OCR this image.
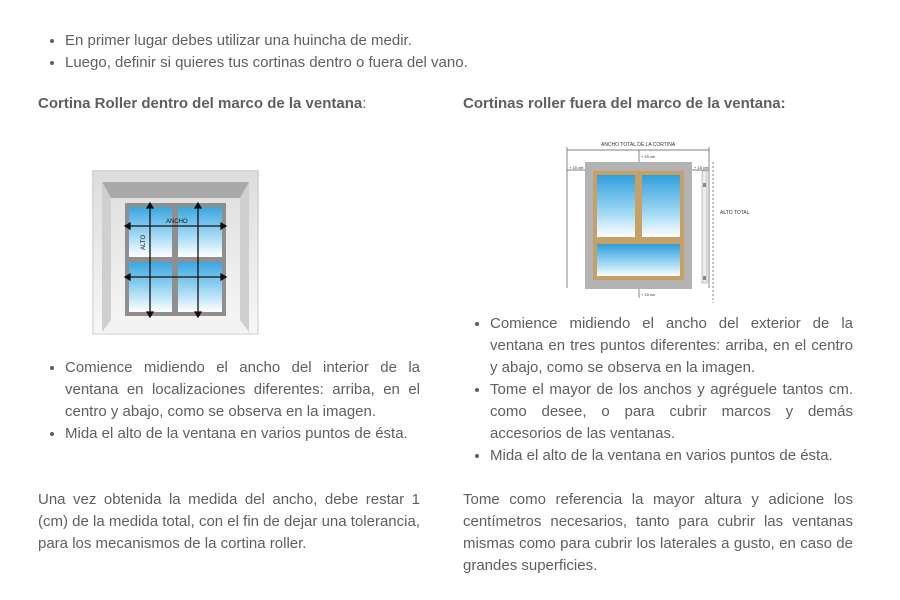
• En primer lugar debes utilizar una huincha de medir.
• Luego, definir si quieres tus cortinas dentro o fuera del vano.
Cortina Roller dentro del marco de la ventana:	Cortinas roller fuera del marco de la ventana:
ANCHO
ALTO
ANCHO TOTAL DE LA CORTINA
+ 15 cm
+ 15 cm	+ 15 cm
+ 15 cm
ALTO TOTAL
• Comience midiendo el ancho del interior de la ventana en localizaciones diferentes: arriba, en el centro y abajo, como se observa en la imagen.
• Mida el alto de la ventana en varios puntos de ésta.

Una vez obtenida la medida del ancho, debe restar 1 (cm) de la medida total, con el fin de dejar una tolerancia, para los mecanismos de la cortina roller.

• Comience midiendo el ancho del exterior de la ventana en tres puntos diferentes: arriba, en el centro y abajo, como se observa en la imagen.
• Tome el mayor de los anchos y agréguele tantos cm. como desee, o para cubrir marcos y demás accesorios de las ventanas.
• Mida el alto de la ventana en varios puntos de ésta.

Tome como referencia la mayor altura y adicione los centímetros necesarios, tanto para cubrir las ventanas mismas como para cubrir los laterales a gusto, en caso de grandes superficies.
